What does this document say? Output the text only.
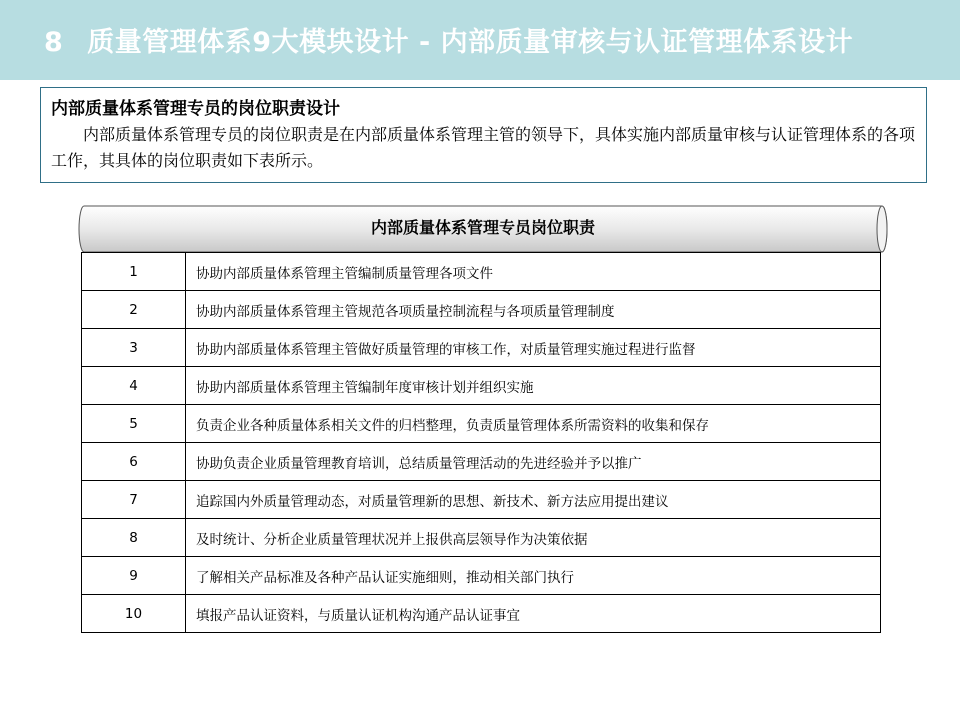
8 质量管理体系9大模块设计 - 内部质量审核与认证管理体系设计
内部质量体系管理专员的岗位职责设计
内部质量体系管理专员的岗位职责是在内部质量体系管理主管的领导下，具体实施内部质量审核与认证管理体系的各项工作，其具体的岗位职责如下表所示。
内部质量体系管理专员岗位职责
1	协助内部质量体系管理主管编制质量管理各项文件
2	协助内部质量体系管理主管规范各项质量控制流程与各项质量管理制度
3	协助内部质量体系管理主管做好质量管理的审核工作，对质量管理实施过程进行监督
4	协助内部质量体系管理主管编制年度审核计划并组织实施
5	负责企业各种质量体系相关文件的归档整理，负责质量管理体系所需资料的收集和保存
6	协助负责企业质量管理教育培训，总结质量管理活动的先进经验并予以推广
7	追踪国内外质量管理动态，对质量管理新的思想、新技术、新方法应用提出建议
8	及时统计、分析企业质量管理状况并上报供高层领导作为决策依据
9	了解相关产品标准及各种产品认证实施细则，推动相关部门执行
10	填报产品认证资料，与质量认证机构沟通产品认证事宜
